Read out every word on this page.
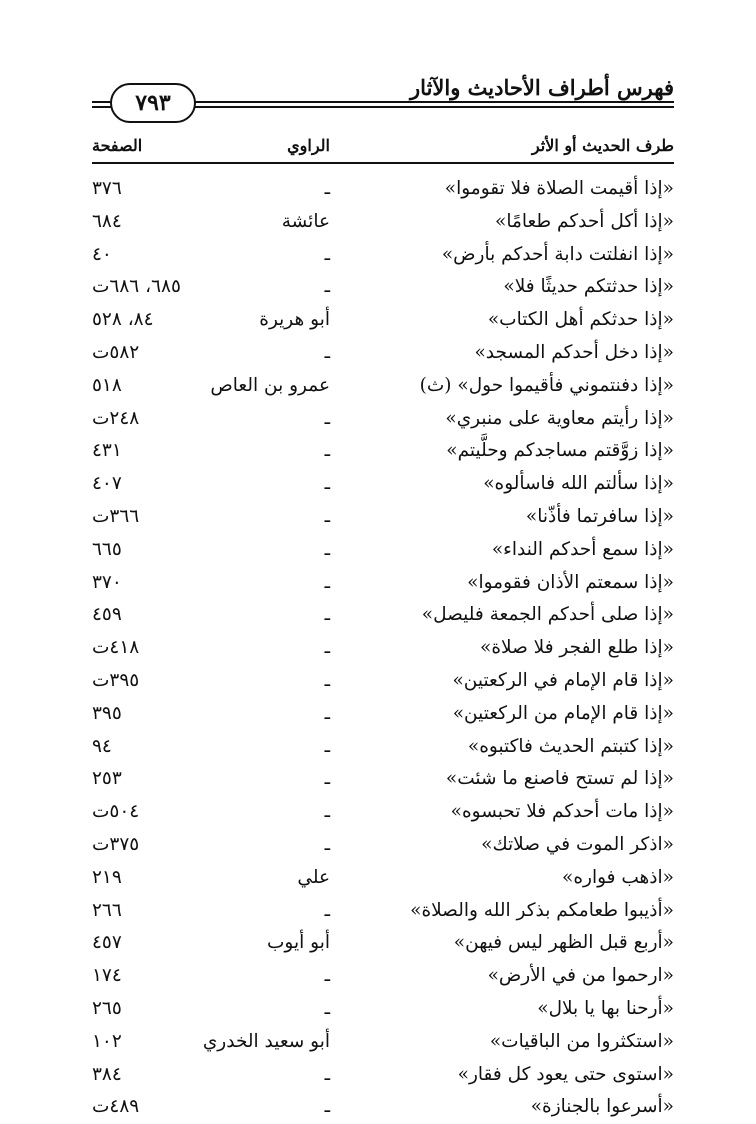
فهرس أطراف الأحاديث والآثار
٧٩٣
طرف الحديث أو الأثر
الراوي
الصفحة
«إذا أقيمت الصلاة فلا تقوموا»
ـ
٣٧٦
«إذا أكل أحدكم طعامًا»
عائشة
٦٨٤
«إذا انفلتت دابة أحدكم بأرض»
ـ
٤٠
«إذا حدثتكم حديثًا فلا»
ـ
٦٨٥، ٦٨٦ت
«إذا حدثكم أهل الكتاب»
أبو هريرة
٨٤، ٥٢٨
«إذا دخل أحدكم المسجد»
ـ
٥٨٢ت
«إذا دفنتموني فأقيموا حول» (ث)
عمرو بن العاص
٥١٨
«إذا رأيتم معاوية على منبري»
ـ
٢٤٨ت
«إذا زوَّقتم مساجدكم وحلَّيتم»
ـ
٤٣١
«إذا سألتم الله فاسألوه»
ـ
٤٠٧
«إذا سافرتما فأذّنا»
ـ
٣٦٦ت
«إذا سمع أحدكم النداء»
ـ
٦٦٥
«إذا سمعتم الأذان فقوموا»
ـ
٣٧٠
«إذا صلى أحدكم الجمعة فليصل»
ـ
٤٥٩
«إذا طلع الفجر فلا صلاة»
ـ
٤١٨ت
«إذا قام الإمام في الركعتين»
ـ
٣٩٥ت
«إذا قام الإمام من الركعتين»
ـ
٣٩٥
«إذا كتبتم الحديث فاكتبوه»
ـ
٩٤
«إذا لم تستح فاصنع ما شئت»
ـ
٢٥٣
«إذا مات أحدكم فلا تحبسوه»
ـ
٥٠٤ت
«اذكر الموت في صلاتك»
ـ
٣٧٥ت
«اذهب فواره»
علي
٢١٩
«أذيبوا طعامكم بذكر الله والصلاة»
ـ
٢٦٦
«أربع قبل الظهر ليس فيهن»
أبو أيوب
٤٥٧
«ارحموا من في الأرض»
ـ
١٧٤
«أرحنا بها يا بلال»
ـ
٢٦٥
«استكثروا من الباقيات»
أبو سعيد الخدري
١٠٢
«استوى حتى يعود كل فقار»
ـ
٣٨٤
«أسرعوا بالجنازة»
ـ
٤٨٩ت
